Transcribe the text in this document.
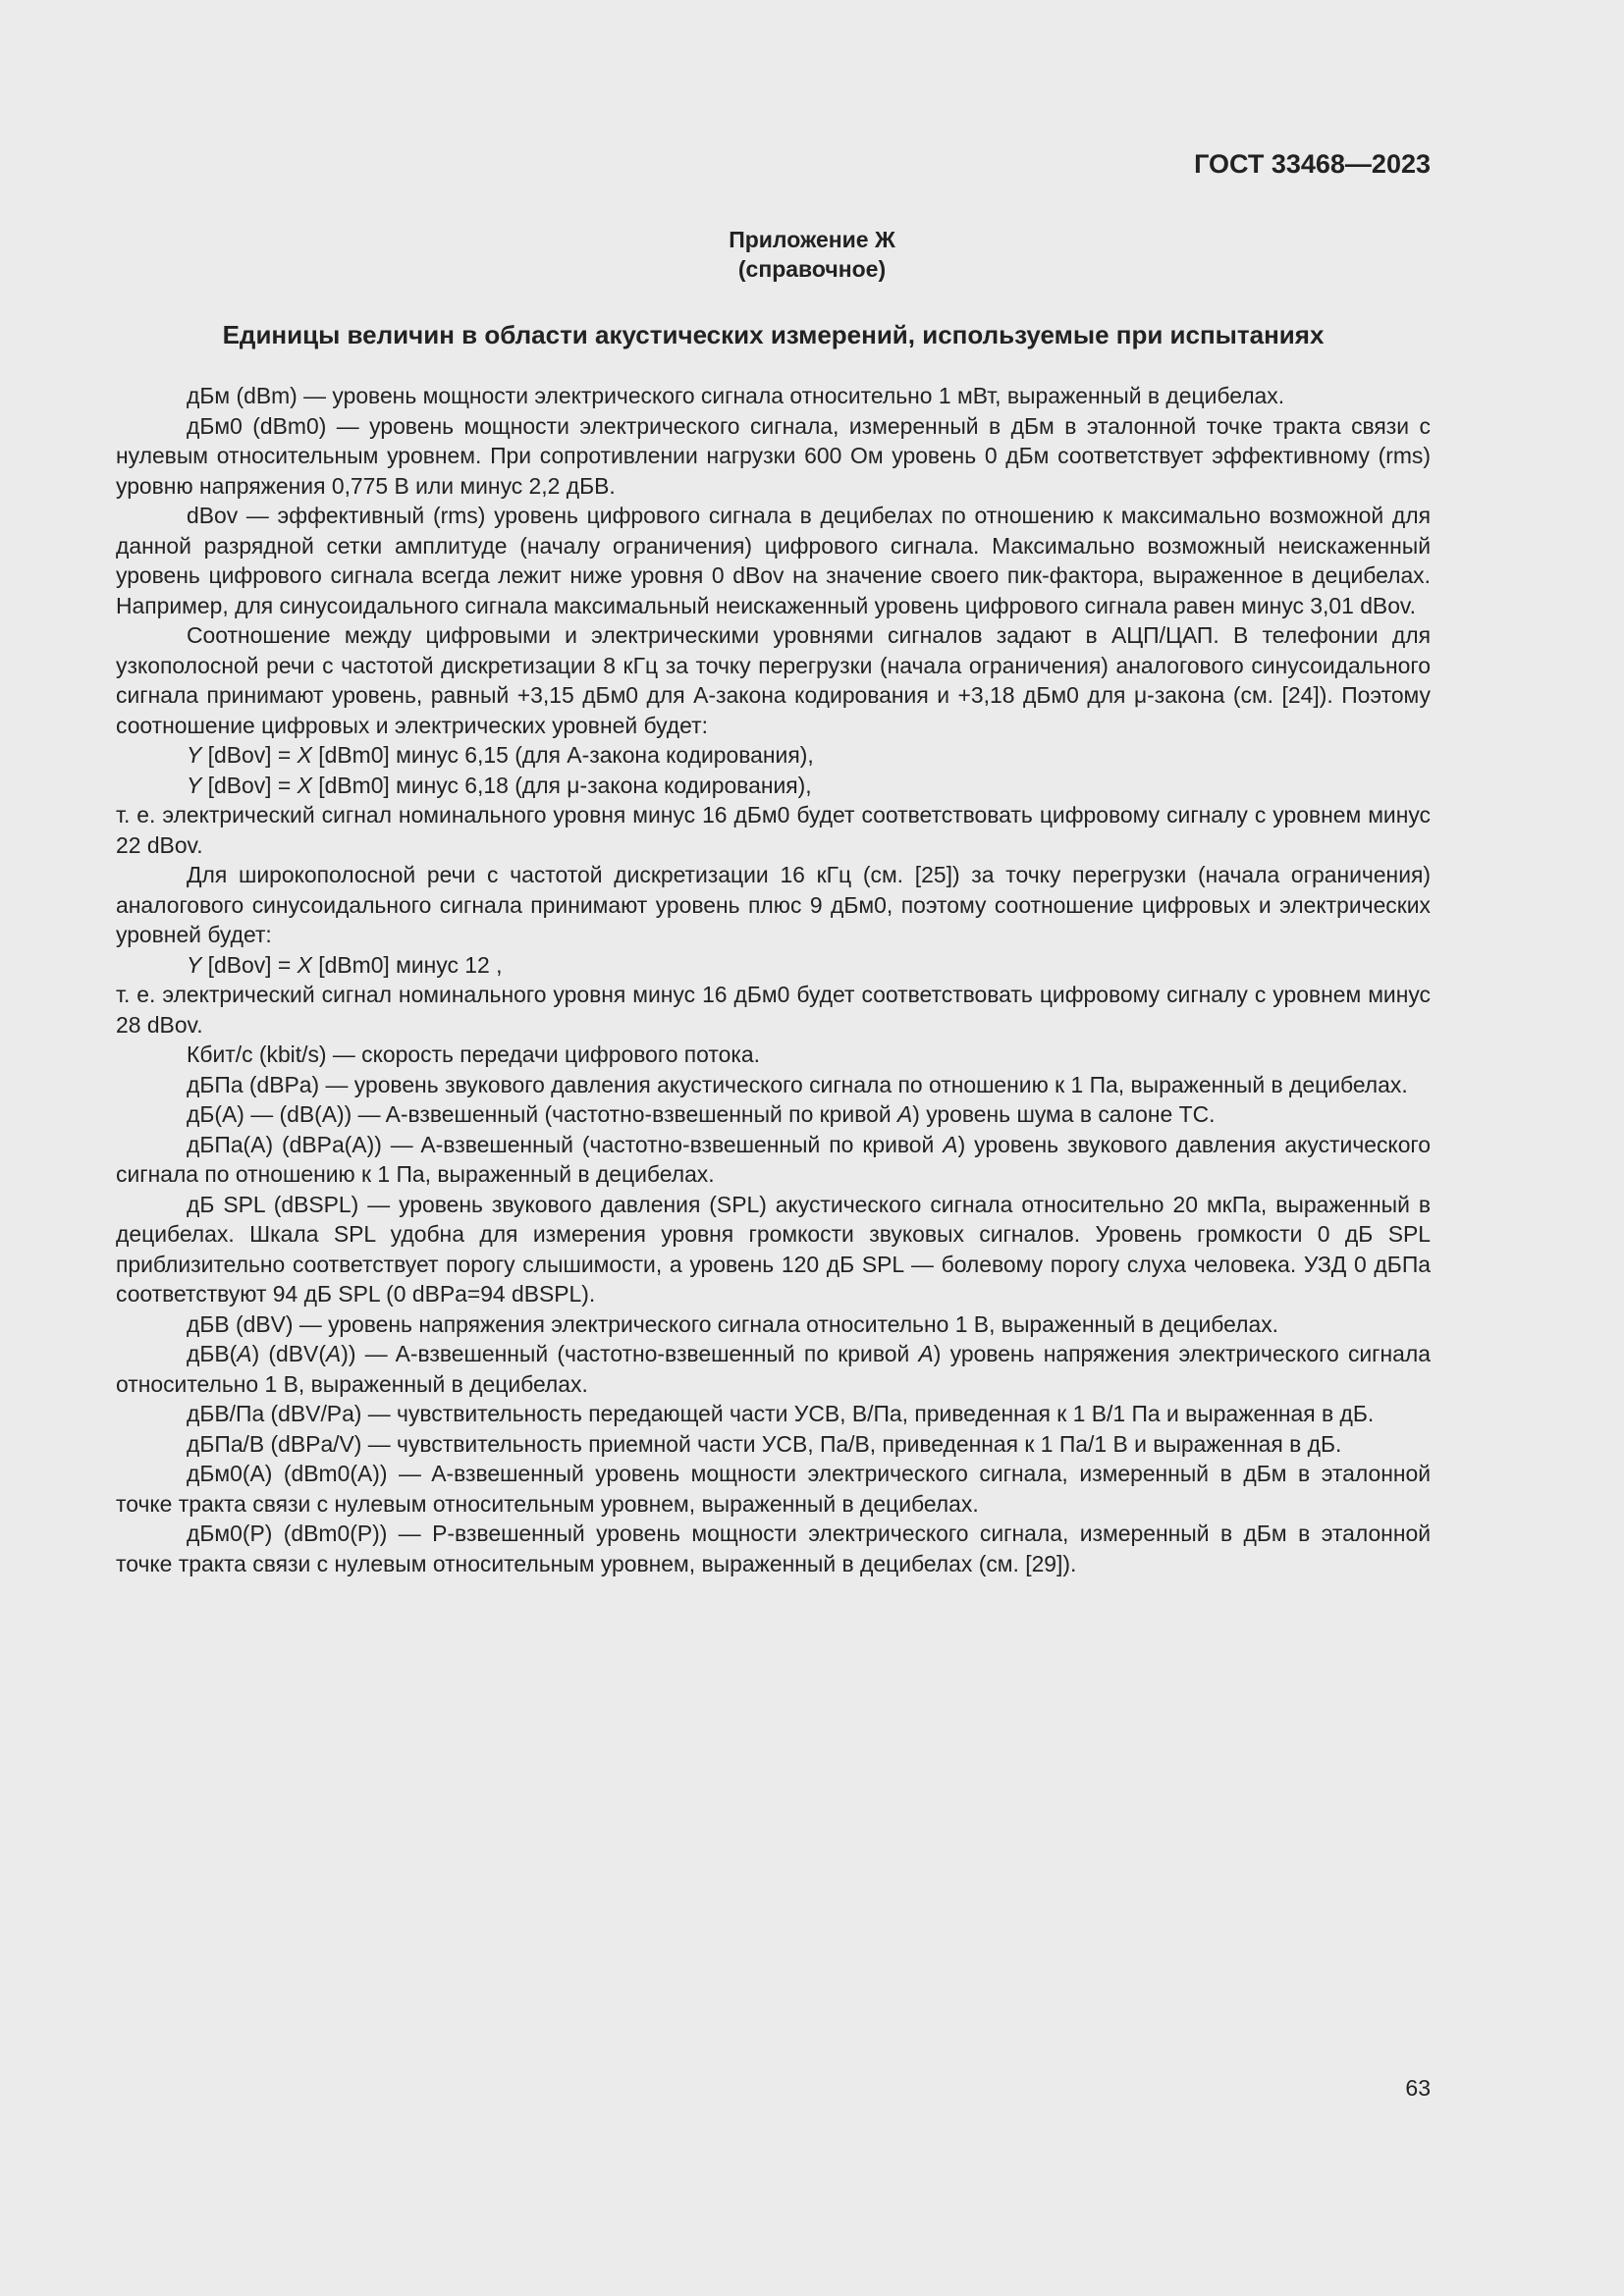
ГОСТ 33468—2023
Приложение Ж
(справочное)
Единицы величин в области акустических измерений, используемые при испытаниях

дБм (dBm) — уровень мощности электрического сигнала относительно 1 мВт, выраженный в децибелах.

дБм0 (dBm0) — уровень мощности электрического сигнала, измеренный в дБм в эталонной точке тракта связи с нулевым относительным уровнем. При сопротивлении нагрузки 600 Ом уровень 0 дБм соответствует эффективному (rms) уровню напряжения 0,775 В или минус 2,2 дБВ.

dBov — эффективный (rms) уровень цифрового сигнала в децибелах по отношению к максимально возможной для данной разрядной сетки амплитуде (началу ограничения) цифрового сигнала. Максимально возможный неискаженный уровень цифрового сигнала всегда лежит ниже уровня 0 dBov на значение своего пик-фактора, выраженное в децибелах. Например, для синусоидального сигнала максимальный неискаженный уровень цифрового сигнала равен минус 3,01 dBov.

Соотношение между цифровыми и электрическими уровнями сигналов задают в АЦП/ЦАП. В телефонии для узкополосной речи с частотой дискретизации 8 кГц за точку перегрузки (начала ограничения) аналогового синусоидального сигнала принимают уровень, равный +3,15 дБм0 для A-закона кодирования и +3,18 дБм0 для μ-закона (см. [24]). Поэтому соотношение цифровых и электрических уровней будет:

Y [dBov] = X [dBm0] минус 6,15 (для A-закона кодирования),

Y [dBov] = X [dBm0] минус 6,18 (для μ-закона кодирования),

т. е. электрический сигнал номинального уровня минус 16 дБм0 будет соответствовать цифровому сигналу с уровнем минус 22 dBov.

Для широкополосной речи с частотой дискретизации 16 кГц (см. [25]) за точку перегрузки (начала ограничения) аналогового синусоидального сигнала принимают уровень плюс 9 дБм0, поэтому соотношение цифровых и электрических уровней будет:

Y [dBov] = X [dBm0] минус 12 ,

т. е. электрический сигнал номинального уровня минус 16 дБм0 будет соответствовать цифровому сигналу с уровнем минус 28 dBov.

Кбит/с (kbit/s) — скорость передачи цифрового потока.

дБПа (dBPa) — уровень звукового давления акустического сигнала по отношению к 1 Па, выраженный в децибелах.

дБ(А) — (dB(A)) — A-взвешенный (частотно-взвешенный по кривой A) уровень шума в салоне ТС.

дБПа(А) (dBPa(A)) — A-взвешенный (частотно-взвешенный по кривой A) уровень звукового давления акустического сигнала по отношению к 1 Па, выраженный в децибелах.

дБ SPL (dBSPL) — уровень звукового давления (SPL) акустического сигнала относительно 20 мкПа, выраженный в децибелах. Шкала SPL удобна для измерения уровня громкости звуковых сигналов. Уровень громкости 0 дБ SPL приблизительно соответствует порогу слышимости, а уровень 120 дБ SPL — болевому порогу слуха человека. УЗД 0 дБПа соответствуют 94 дБ SPL (0 dBPa=94 dBSPL).

дБВ (dBV) — уровень напряжения электрического сигнала относительно 1 В, выраженный в децибелах.

дБВ(A) (dBV(A)) — A-взвешенный (частотно-взвешенный по кривой A) уровень напряжения электрического сигнала относительно 1 В, выраженный в децибелах.

дБВ/Па (dBV/Pa) — чувствительность передающей части УСВ, В/Па, приведенная к 1 В/1 Па и выраженная в дБ.

дБПа/В (dBPa/V) — чувствительность приемной части УСВ, Па/В, приведенная к 1 Па/1 В и выраженная в дБ.

дБм0(А) (dBm0(A)) — A-взвешенный уровень мощности электрического сигнала, измеренный в дБм в эталонной точке тракта связи с нулевым относительным уровнем, выраженный в децибелах.

дБм0(Р) (dBm0(P)) — P-взвешенный уровень мощности электрического сигнала, измеренный в дБм в эталонной точке тракта связи с нулевым относительным уровнем, выраженный в децибелах (см. [29]).

63
